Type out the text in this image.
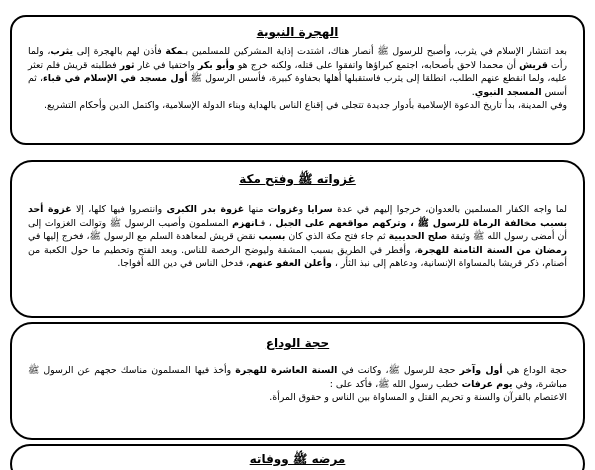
الهجرة النبوية

بعد انتشار الإسلام في يثرب، وأصبح للرسول ﷺ أنصار هناك، اشتدت إذاية المشركين للمسلمين بـمكة فأذن لهم بالهجرة إلى يثرب، ولما رأت قريش أن محمدا لاحق بأصحابه، اجتمع كبراؤها واتفقوا على قتله، ولكنه خرج هو وأبو بكر واختفيا في غار ثور فطلبته قريش فلم تعثر عليه، ولما انقطع عنهم الطلب، انطلقا إلى يثرب فاستقبلها أهلها بحفاوة كبيرة، فأسس الرسول ﷺ أول مسجد في الإسلام في قباء، ثم أسس المسجد النبوي.

وفي المدينة، بدأ تاريخ الدعوة الإسلامية بأدوار جديدة تتجلى في إقناع الناس بالهداية وبناء الدولة الإسلامية، واكتمل الدين وأحكام التشريع.

غزواته ﷺ وفتح مكة

لما واجه الكفار المسلمين بالعدوان، خرجوا إليهم في عدة سرايا وغزوات منها غزوة بدر الكبرى وانتصروا فيها كلها، إلا غزوة أحد بسبب مخالفة الرماة للرسول ﷺ ، وتركهم مواقعهم على الجبل ، فـانهزم المسلمون وأصيب الرسول ﷺ وتوالت الغزوات إلى أن أمضى رسول الله ﷺ وثيقة صلح الحديبية ثم جاء فتح مكة الذي كان بسبب نقض قريش لمعاهدة السلم مع الرسول ﷺ، فخرج إليها في رمضان من السنة الثامنة للهجرة، وأفطر في الطريق بسبب المشقة وليوضح الرخصة للناس. وبعد الفتح وتحطيم ما حول الكعبة من أصنام، ذكر قريشا بالمساواة الإنسانية، ودعاهم إلى نبذ الثأر ، وأعلن العفو عنهم، فدخل الناس في دين الله أفواجا.

حجة الوداع

حجة الوداع هي أول وآخر حجة للرسول ﷺ، وكانت في السنة العاشرة للهجرة وأخذ فيها المسلمون مناسك حجهم عن الرسول ﷺ مباشرة، وفي يوم عرفات خطب رسول الله ﷺ، فأكد على :

الاعتصام بالقرآن والسنة و تحريم القتل و المساواة بين الناس و حقوق المرأة.

مرضه ﷺ ووفاته
